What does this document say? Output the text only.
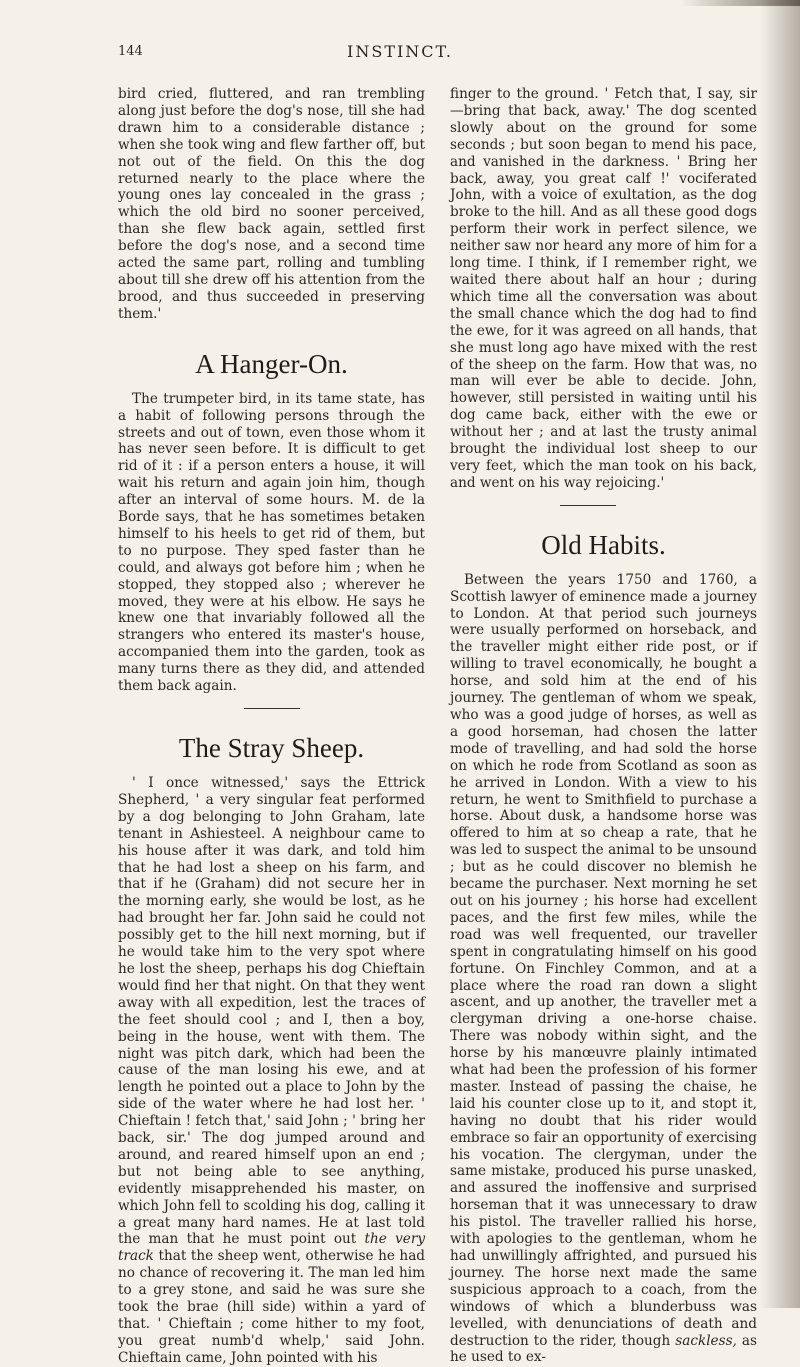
144	INSTINCT.

bird cried, fluttered, and ran trembling along just before the dog's nose, till she had drawn him to a considerable distance ; when she took wing and flew farther off, but not out of the field. On this the dog returned nearly to the place where the young ones lay concealed in the grass ; which the old bird no sooner perceived, than she flew back again, settled first before the dog's nose, and a second time acted the same part, rolling and tumbling about till she drew off his attention from the brood, and thus succeeded in preserving them.'

A Hanger-On.

The trumpeter bird, in its tame state, has a habit of following persons through the streets and out of town, even those whom it has never seen before. It is difficult to get rid of it : if a person enters a house, it will wait his return and again join him, though after an interval of some hours. M. de la Borde says, that he has sometimes betaken himself to his heels to get rid of them, but to no purpose. They sped faster than he could, and always got before him ; when he stopped, they stopped also ; wherever he moved, they were at his elbow. He says he knew one that invariably followed all the strangers who entered its master's house, accompanied them into the garden, took as many turns there as they did, and attended them back again.

The Stray Sheep.

' I once witnessed,' says the Ettrick Shepherd, ' a very singular feat performed by a dog belonging to John Graham, late tenant in Ashiesteel. A neighbour came to his house after it was dark, and told him that he had lost a sheep on his farm, and that if he (Graham) did not secure her in the morning early, she would be lost, as he had brought her far. John said he could not possibly get to the hill next morning, but if he would take him to the very spot where he lost the sheep, perhaps his dog Chieftain would find her that night. On that they went away with all expedition, lest the traces of the feet should cool ; and I, then a boy, being in the house, went with them. The night was pitch dark, which had been the cause of the man losing his ewe, and at length he pointed out a place to John by the side of the water where he had lost her. ' Chieftain ! fetch that,' said John ; ' bring her back, sir.' The dog jumped around and around, and reared himself upon an end ; but not being able to see anything, evidently misapprehended his master, on which John fell to scolding his dog, calling it a great many hard names. He at last told the man that he must point out the very track that the sheep went, otherwise he had no chance of recovering it. The man led him to a grey stone, and said he was sure she took the brae (hill side) within a yard of that. ' Chieftain ; come hither to my foot, you great numb'd whelp,' said John. Chieftain came, John pointed with his

finger to the ground. ' Fetch that, I say, sir —bring that back, away.' The dog scented slowly about on the ground for some seconds ; but soon began to mend his pace, and vanished in the darkness. ' Bring her back, away, you great calf !' vociferated John, with a voice of exultation, as the dog broke to the hill. And as all these good dogs perform their work in perfect silence, we neither saw nor heard any more of him for a long time. I think, if I remember right, we waited there about half an hour ; during which time all the conversation was about the small chance which the dog had to find the ewe, for it was agreed on all hands, that she must long ago have mixed with the rest of the sheep on the farm. How that was, no man will ever be able to decide. John, however, still persisted in waiting until his dog came back, either with the ewe or without her ; and at last the trusty animal brought the individual lost sheep to our very feet, which the man took on his back, and went on his way rejoicing.'

Old Habits.

Between the years 1750 and 1760, a Scottish lawyer of eminence made a journey to London. At that period such journeys were usually performed on horseback, and the traveller might either ride post, or if willing to travel economically, he bought a horse, and sold him at the end of his journey. The gentleman of whom we speak, who was a good judge of horses, as well as a good horseman, had chosen the latter mode of travelling, and had sold the horse on which he rode from Scotland as soon as he arrived in London. With a view to his return, he went to Smithfield to purchase a horse. About dusk, a handsome horse was offered to him at so cheap a rate, that he was led to suspect the animal to be unsound ; but as he could discover no blemish he became the purchaser. Next morning he set out on his journey ; his horse had excellent paces, and the first few miles, while the road was well frequented, our traveller spent in congratulating himself on his good fortune. On Finchley Common, and at a place where the road ran down a slight ascent, and up another, the traveller met a clergyman driving a one-horse chaise. There was nobody within sight, and the horse by his manœuvre plainly intimated what had been the profession of his former master. Instead of passing the chaise, he laid his counter close up to it, and stopt it, having no doubt that his rider would embrace so fair an opportunity of exercising his vocation. The clergyman, under the same mistake, produced his purse unasked, and assured the inoffensive and surprised horseman that it was unnecessary to draw his pistol. The traveller rallied his horse, with apologies to the gentleman, whom he had unwillingly affrighted, and pursued his journey. The horse next made the same suspicious approach to a coach, from the windows of which a blunderbuss was levelled, with denunciations of death and destruction to the rider, though sackless, as he used to ex-
